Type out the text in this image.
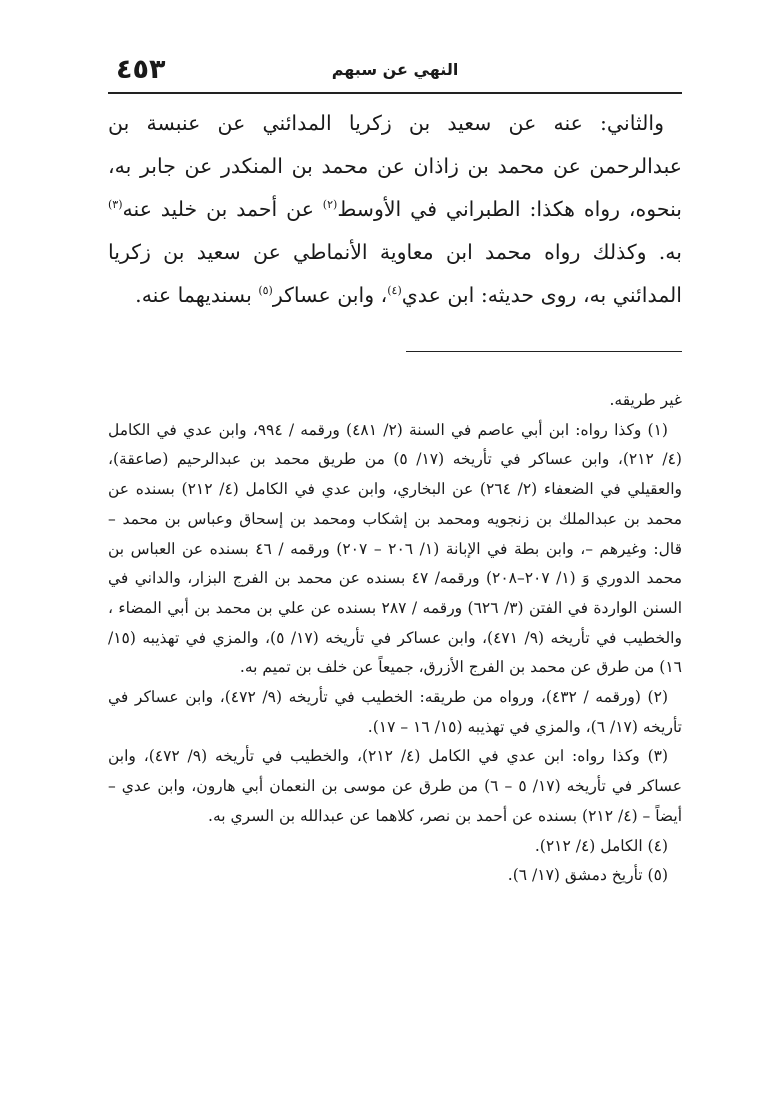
النهي عن سبهم
٤٥٣

والثاني: عنه عن سعيد بن زكريا المدائني عن عنبسة بن عبدالرحمن عن محمد بن زاذان عن محمد بن المنكدر عن جابر به، بنحوه، رواه هكذا: الطبراني في الأوسط$^{(٢)}$ عن أحمد بن خليد عنه$^{(٣)}$ به. وكذلك رواه محمد ابن معاوية الأنماطي عن سعيد بن زكريا المدائني به، روى حديثه: ابن عدي$^{(٤)}$، وابن عساكر$^{(٥)}$ بسنديهما عنه.

غير طريقه.

(١) وكذا رواه: ابن أبي عاصم في السنة (٢/ ٤٨١) ورقمه / ٩٩٤، وابن عدي في الكامل (٤/ ٢١٢)، وابن عساكر في تأريخه (١٧/ ٥) من طريق محمد بن عبدالرحيم (صاعقة)، والعقيلي في الضعفاء (٢/ ٢٦٤) عن البخاري، وابن عدي في الكامل (٤/ ٢١٢) بسنده عن محمد بن عبدالملك بن زنجويه ومحمد بن إشكاب ومحمد بن إسحاق وعباس بن محمد – قال: وغيرهم –، وابن بطة في الإبانة (١/ ٢٠٦ – ٢٠٧) ورقمه / ٤٦ بسنده عن العباس بن محمد الدوري وَ (١/ ٢٠٧–٢٠٨) ورقمه/ ٤٧ بسنده عن محمد بن الفرج البزار، والداني في السنن الواردة في الفتن (٣/ ٦٢٦) ورقمه / ٢٨٧ بسنده عن علي بن محمد بن أبي المضاء ، والخطيب في تأريخه (٩/ ٤٧١)، وابن عساكر في تأريخه (١٧/ ٥)، والمزي في تهذيبه (١٥/ ١٦) من طرق عن محمد بن الفرج الأزرق، جميعاً عن خلف بن تميم به.

(٢) (ورقمه / ٤٣٢)، ورواه من طريقه: الخطيب في تأريخه (٩/ ٤٧٢)، وابن عساكر في تأريخه (١٧/ ٦)، والمزي في تهذيبه (١٥/ ١٦ – ١٧).

(٣) وكذا رواه: ابن عدي في الكامل (٤/ ٢١٢)، والخطيب في تأريخه (٩/ ٤٧٢)، وابن عساكر في تأريخه (١٧/ ٥ – ٦) من طرق عن موسى بن النعمان أبي هارون، وابن عدي – أيضاً – (٤/ ٢١٢) بسنده عن أحمد بن نصر، كلاهما عن عبدالله بن السري به.

(٤) الكامل (٤/ ٢١٢).

(٥) تأريخ دمشق (١٧/ ٦).
